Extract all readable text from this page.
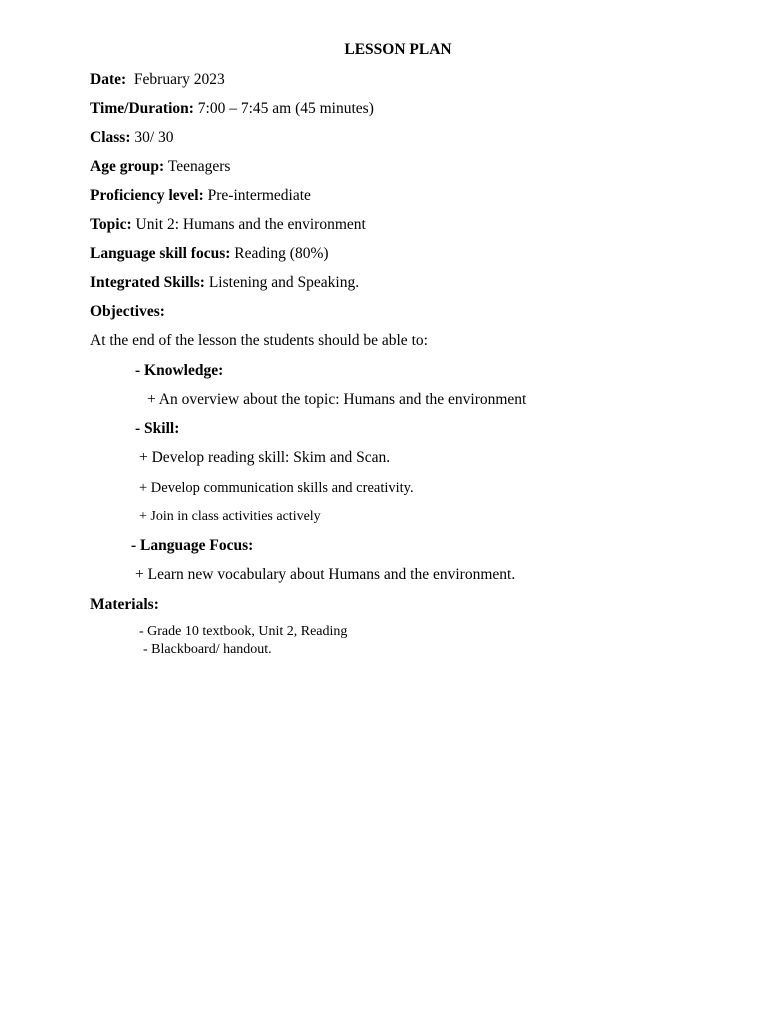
LESSON PLAN
Date: February 2023
Time/Duration: 7:00 – 7:45 am (45 minutes)
Class: 30/ 30
Age group: Teenagers
Proficiency level: Pre-intermediate
Topic: Unit 2: Humans and the environment
Language skill focus: Reading (80%)
Integrated Skills: Listening and Speaking.
Objectives:
At the end of the lesson the students should be able to:
- Knowledge:
+ An overview about the topic: Humans and the environment
- Skill:
+ Develop reading skill: Skim and Scan.
+ Develop communication skills and creativity.
+ Join in class activities actively
- Language Focus:
+ Learn new vocabulary about Humans and the environment.
Materials:
- Grade 10 textbook, Unit 2, Reading
- Blackboard/ handout.
